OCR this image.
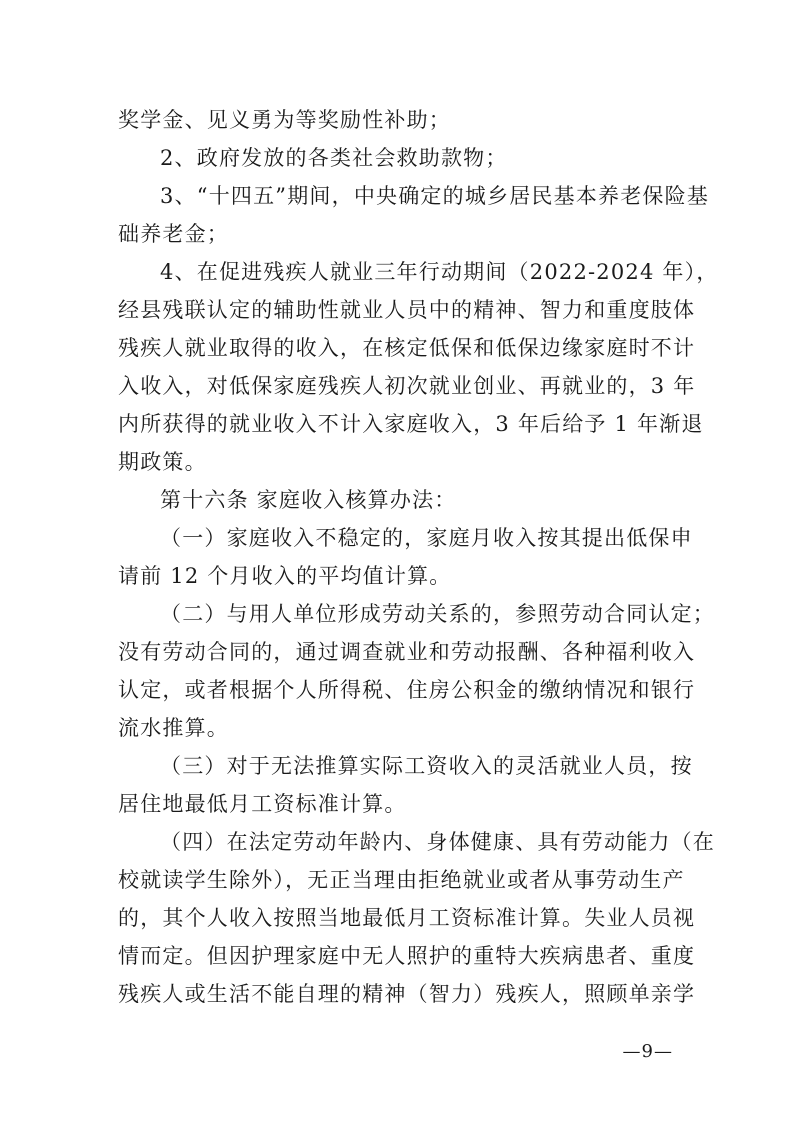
奖学金、见义勇为等奖励性补助；
2、政府发放的各类社会救助款物；
3、“十四五”期间，中央确定的城乡居民基本养老保险基
础养老金；
4、在促进残疾人就业三年行动期间（2022-2024 年），
经县残联认定的辅助性就业人员中的精神、智力和重度肢体
残疾人就业取得的收入，在核定低保和低保边缘家庭时不计
入收入，对低保家庭残疾人初次就业创业、再就业的，3 年
内所获得的就业收入不计入家庭收入，3 年后给予 1 年渐退
期政策。
第十六条 家庭收入核算办法：
（一）家庭收入不稳定的，家庭月收入按其提出低保申
请前 12 个月收入的平均值计算。
（二）与用人单位形成劳动关系的，参照劳动合同认定；
没有劳动合同的，通过调查就业和劳动报酬、各种福利收入
认定，或者根据个人所得税、住房公积金的缴纳情况和银行
流水推算。
（三）对于无法推算实际工资收入的灵活就业人员，按
居住地最低月工资标准计算。
（四）在法定劳动年龄内、身体健康、具有劳动能力（在
校就读学生除外），无正当理由拒绝就业或者从事劳动生产
的，其个人收入按照当地最低月工资标准计算。失业人员视
情而定。但因护理家庭中无人照护的重特大疾病患者、重度
残疾人或生活不能自理的精神（智力）残疾人，照顾单亲学
—9—
